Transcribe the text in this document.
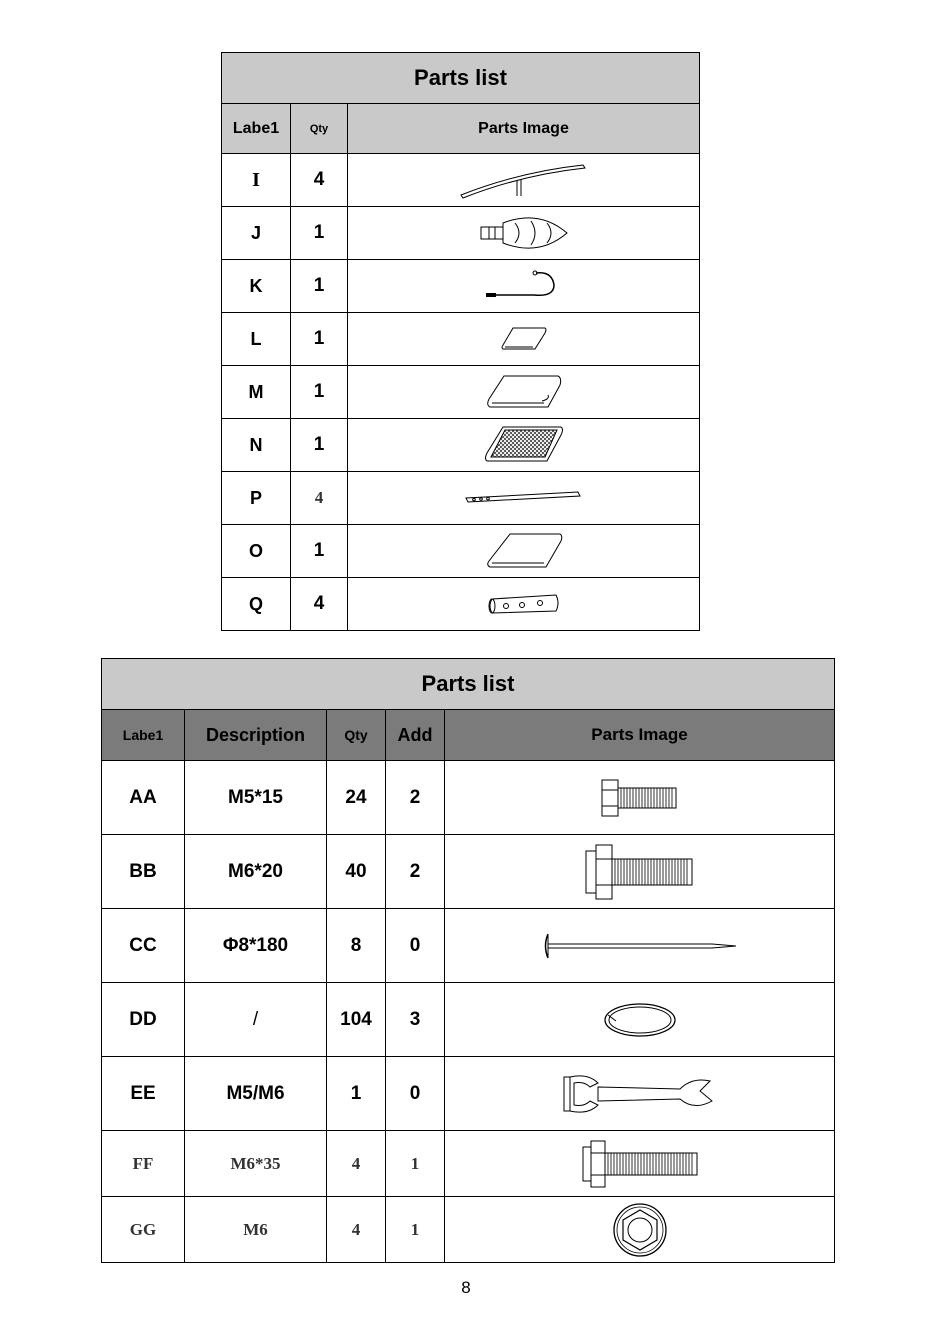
Parts list		
Labe1	Qty	Parts Image
I	4	

J	1	

K	1	

L	1	

M	1	

N	1	

P	4	

O	1	

Q	4	
Parts list				
Labe1	Description	Qty	Add	Parts Image
AA	M5*15	24	2	

BB	M6*20	40	2	

CC	Φ8*180	8	0	

DD	/	104	3	

EE	M5/M6	1	0	

FF	M6*35	4	1	

GG	M6	4	1	
8
